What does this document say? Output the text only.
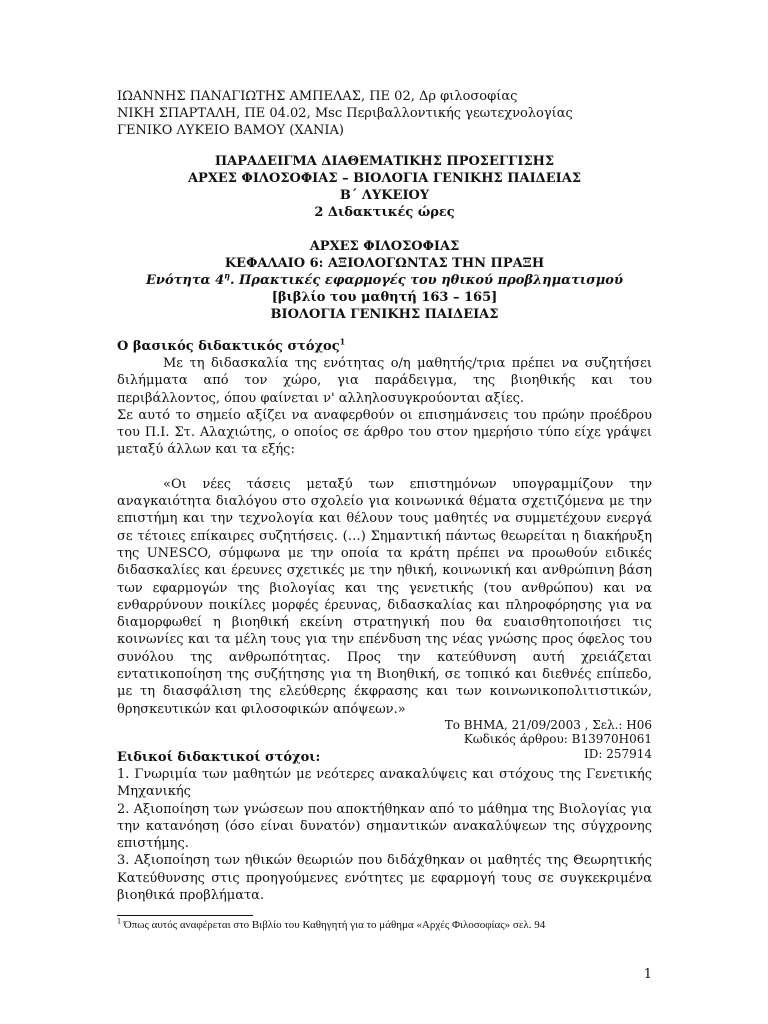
ΙΩΑΝΝΗΣ ΠΑΝΑΓΙΩΤΗΣ ΑΜΠΕΛΑΣ, ΠΕ 02, Δρ φιλοσοφίας
ΝΙΚΗ ΣΠΑΡΤΑΛΗ, ΠΕ 04.02, Msc Περιβαλλοντικής γεωτεχνολογίας
ΓΕΝΙΚΟ ΛΥΚΕΙΟ ΒΑΜΟΥ (ΧΑΝΙΑ)
ΠΑΡΑΔΕΙΓΜΑ ΔΙΑΘΕΜΑΤΙΚΗΣ ΠΡΟΣΕΓΓΙΣΗΣ
ΑΡΧΕΣ ΦΙΛΟΣΟΦΙΑΣ – ΒΙΟΛΟΓΙΑ ΓΕΝΙΚΗΣ ΠΑΙΔΕΙΑΣ
Β΄ ΛΥΚΕΙΟΥ
2 Διδακτικές ώρες
ΑΡΧΕΣ ΦΙΛΟΣΟΦΙΑΣ
ΚΕΦΑΛΑΙΟ 6: ΑΞΙΟΛΟΓΩΝΤΑΣ ΤΗΝ ΠΡΑΞΗ
Ενότητα $4^\eta$. Πρακτικές εφαρμογές του ηθικού προβληματισμού
[βιβλίο του μαθητή 163 – 165]
ΒΙΟΛΟΓΙΑ ΓΕΝΙΚΗΣ ΠΑΙΔΕΙΑΣ
Ο βασικός διδακτικός στόχος$^1$

Με τη διδασκαλία της ενότητας ο/η μαθητής/τρια πρέπει να συζητήσει διλήμματα από τον χώρο, για παράδειγμα, της βιοηθικής και του περιβάλλοντος, όπου φαίνεται ν' αλληλοσυγκρούονται αξίες.

Σε αυτό το σημείο αξίζει να αναφερθούν οι επισημάνσεις του πρώην προέδρου του Π.Ι. Στ. Αλαχιώτης, ο οποίος σε άρθρο του στον ημερήσιο τύπο είχε γράψει μεταξύ άλλων και τα εξής:

«Οι νέες τάσεις μεταξύ των επιστημόνων υπογραμμίζουν την αναγκαιότητα διαλόγου στο σχολείο για κοινωνικά θέματα σχετιζόμενα με την επιστήμη και την τεχνολογία και θέλουν τους μαθητές να συμμετέχουν ενεργά σε τέτοιες επίκαιρες συζητήσεις. (…) Σημαντική πάντως θεωρείται η διακήρυξη της UNESCO, σύμφωνα με την οποία τα κράτη πρέπει να προωθούν ειδικές διδασκαλίες και έρευνες σχετικές με την ηθική, κοινωνική και ανθρώπινη βάση των εφαρμογών της βιολογίας και της γενετικής (του ανθρώπου) και να ενθαρρύνουν ποικίλες μορφές έρευνας, διδασκαλίας και πληροφόρησης για να διαμορφωθεί η βιοηθική εκείνη στρατηγική που θα ευαισθητοποιήσει τις κοινωνίες και τα μέλη τους για την επένδυση της νέας γνώσης προς όφελος του συνόλου της ανθρωπότητας. Προς την κατεύθυνση αυτή χρειάζεται εντατικοποίηση της συζήτησης για τη Βιοηθική, σε τοπικό και διεθνές επίπεδο, με τη διασφάλιση της ελεύθερης έκφρασης και των κοινωνικοπολιτιστικών, θρησκευτικών και φιλοσοφικών απόψεων.»

Το ΒΗΜΑ, 21/09/2003 , Σελ.: Η06
Κωδικός άρθρου: B13970H061
ID: 257914
Ειδικοί διδακτικοί στόχοι:

1. Γνωριμία των μαθητών με νεότερες ανακαλύψεις και στόχους της Γενετικής Μηχανικής

2. Αξιοποίηση των γνώσεων που αποκτήθηκαν από το μάθημα της Βιολογίας για την κατανόηση (όσο είναι δυνατόν) σημαντικών ανακαλύψεων της σύγχρονης επιστήμης.

3. Αξιοποίηση των ηθικών θεωριών που διδάχθηκαν οι μαθητές της Θεωρητικής Κατεύθυνσης στις προηγούμενες ενότητες με εφαρμογή τους σε συγκεκριμένα βιοηθικά προβλήματα.

$^1$ Όπως αυτός αναφέρεται στο Βιβλίο του Καθηγητή για το μάθημα «Αρχές Φιλοσοφίας» σελ. 94
1
